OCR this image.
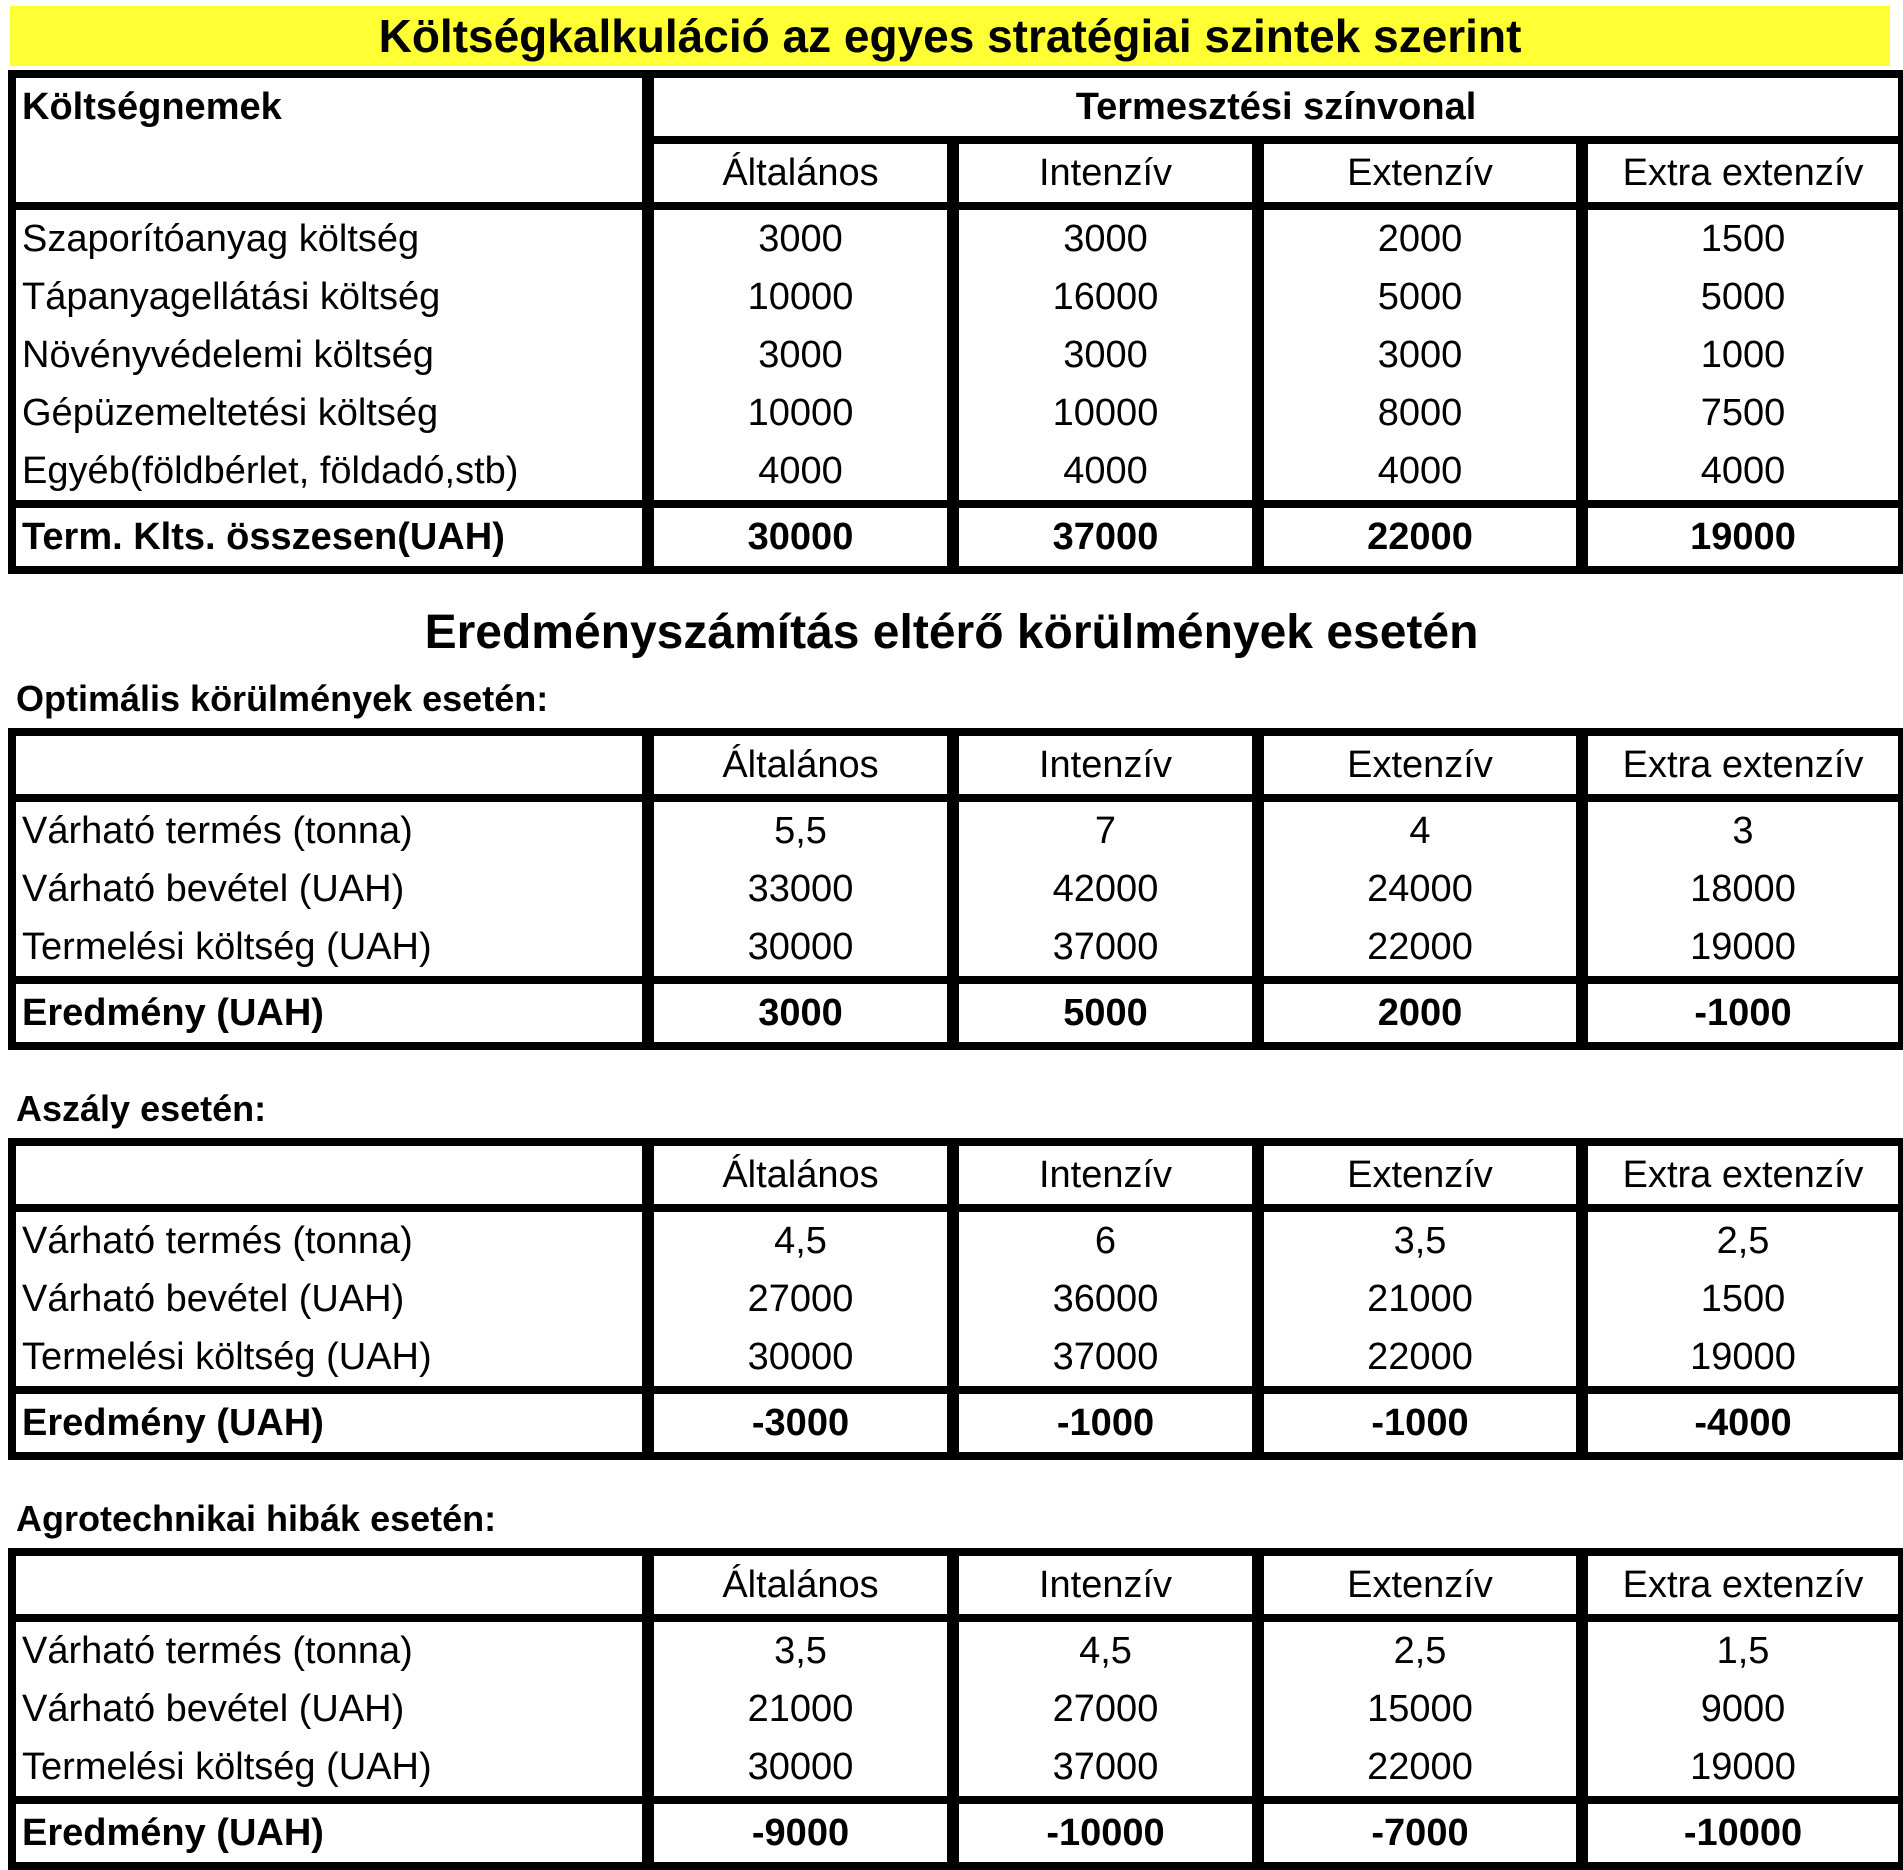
Költségkalkuláció az egyes stratégiai szintek szerint
Költségnemek	Termesztési színvonal			
	Általános	Intenzív	Extenzív	Extra extenzív
Szaporítóanyag költség	3000	3000	2000	1500
Tápanyagellátási költség	10000	16000	5000	5000
Növényvédelemi költség	3000	3000	3000	1000
Gépüzemeltetési költség	10000	10000	8000	7500
Egyéb(földbérlet, földadó,stb)	4000	4000	4000	4000
Term. Klts. összesen(UAH)	30000	37000	22000	19000
Eredményszámítás eltérő körülmények esetén
Optimális körülmények esetén:
	Általános	Intenzív	Extenzív	Extra extenzív
Várható termés (tonna)	5,5	7	4	3
Várható bevétel (UAH)	33000	42000	24000	18000
Termelési költség (UAH)	30000	37000	22000	19000
Eredmény (UAH)	3000	5000	2000	-1000
Aszály esetén:
	Általános	Intenzív	Extenzív	Extra extenzív
Várható termés (tonna)	4,5	6	3,5	2,5
Várható bevétel (UAH)	27000	36000	21000	1500
Termelési költség (UAH)	30000	37000	22000	19000
Eredmény (UAH)	-3000	-1000	-1000	-4000
Agrotechnikai hibák esetén:
	Általános	Intenzív	Extenzív	Extra extenzív
Várható termés (tonna)	3,5	4,5	2,5	1,5
Várható bevétel (UAH)	21000	27000	15000	9000
Termelési költség (UAH)	30000	37000	22000	19000
Eredmény (UAH)	-9000	-10000	-7000	-10000
